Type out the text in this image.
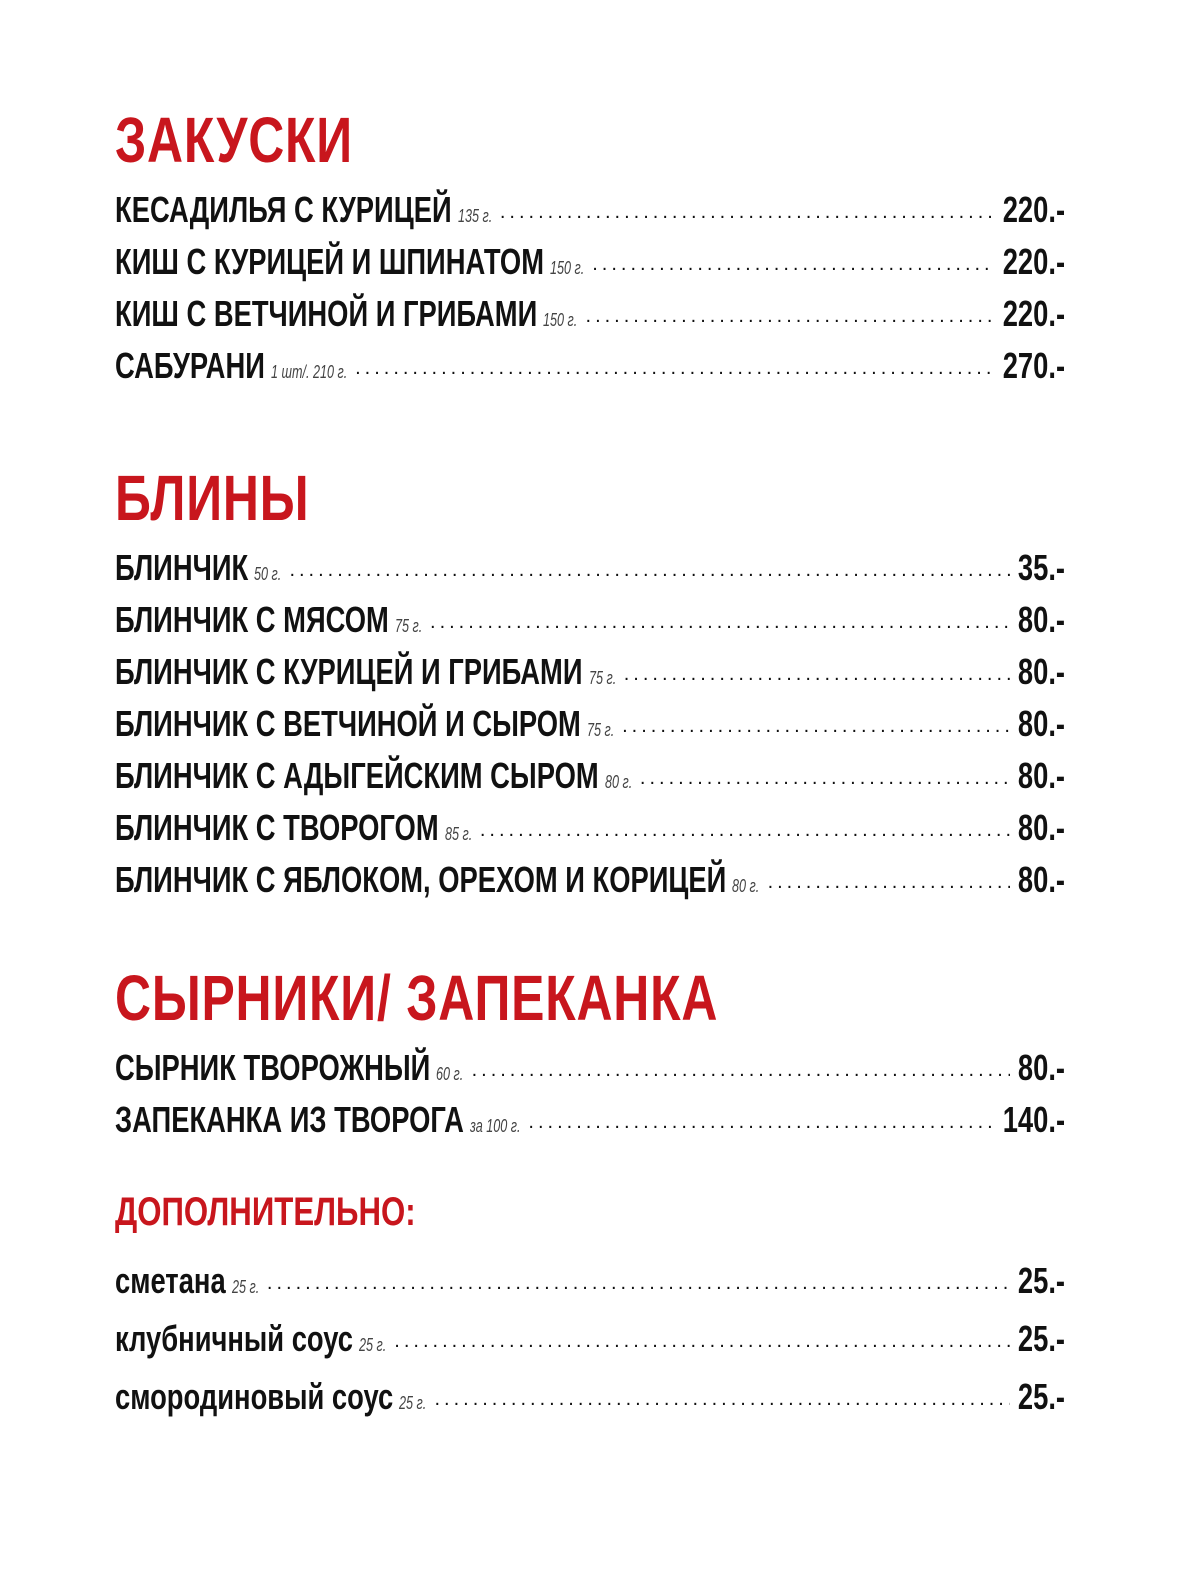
ЗАКУСКИ
КЕСАДИЛЬЯ С КУРИЦЕЙ 135 г. .....	220.-
КИШ С КУРИЦЕЙ И ШПИНАТОМ 150 г. .....	220.-
КИШ С ВЕТЧИНОЙ И ГРИБАМИ 150 г. .....	220.-
САБУРАНИ 1 шт/. 210 г. .....	270.-
БЛИНЫ
БЛИНЧИК 50 г. .....	35.-
БЛИНЧИК С МЯСОМ 75 г. .....	80.-
БЛИНЧИК С КУРИЦЕЙ И ГРИБАМИ 75 г. .....	80.-
БЛИНЧИК С ВЕТЧИНОЙ И СЫРОМ 75 г. .....	80.-
БЛИНЧИК С АДЫГЕЙСКИМ СЫРОМ 80 г. .....	80.-
БЛИНЧИК С ТВОРОГОМ 85 г. .....	80.-
БЛИНЧИК С ЯБЛОКОМ, ОРЕХОМ И КОРИЦЕЙ 80 г. .....	80.-
СЫРНИКИ/ ЗАПЕКАНКА
СЫРНИК ТВОРОЖНЫЙ 60 г. .....	80.-
ЗАПЕКАНКА ИЗ ТВОРОГА за 100 г. .....	140.-
ДОПОЛНИТЕЛЬНО:
сметана 25 г. .....	25.-
клубничный соус 25 г. .....	25.-
смородиновый соус 25 г. .....	25.-
